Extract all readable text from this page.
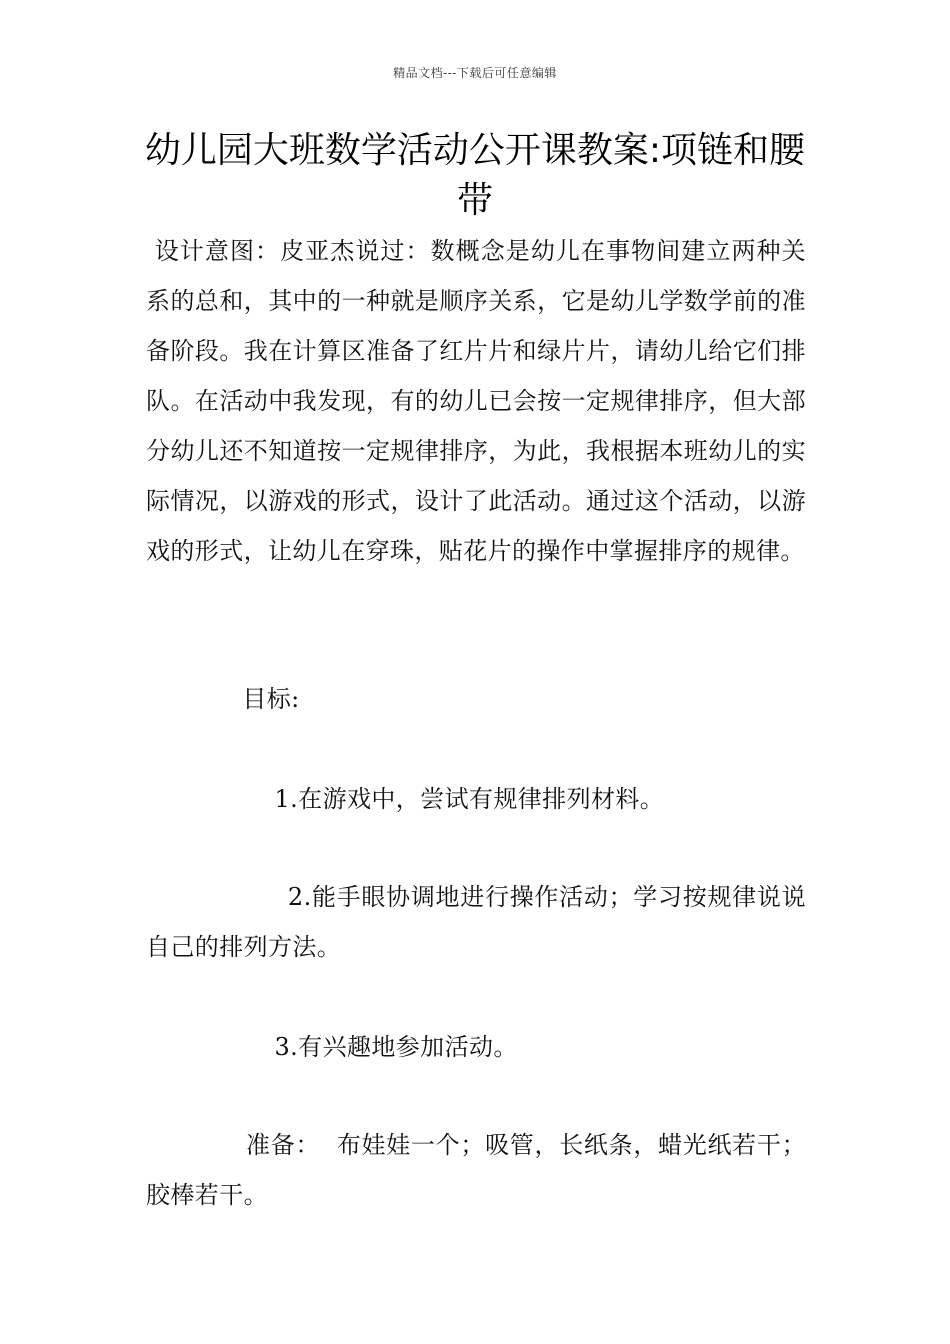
精品文档---下载后可任意编辑
幼儿园大班数学活动公开课教案:项链和腰带

设计意图：皮亚杰说过：数概念是幼儿在事物间建立两种关系的总和，其中的一种就是顺序关系，它是幼儿学数学前的准备阶段。我在计算区准备了红片片和绿片片，请幼儿给它们排队。在活动中我发现，有的幼儿已会按一定规律排序，但大部分幼儿还不知道按一定规律排序，为此，我根据本班幼儿的实际情况，以游戏的形式，设计了此活动。通过这个活动，以游戏的形式，让幼儿在穿珠，贴花片的操作中掌握排序的规律。

目标:

1.在游戏中，尝试有规律排列材料。

2.能手眼协调地进行操作活动；学习按规律说说自己的排列方法。

3.有兴趣地参加活动。

准备：  布娃娃一个；吸管，长纸条，蜡光纸若干；胶棒若干。
